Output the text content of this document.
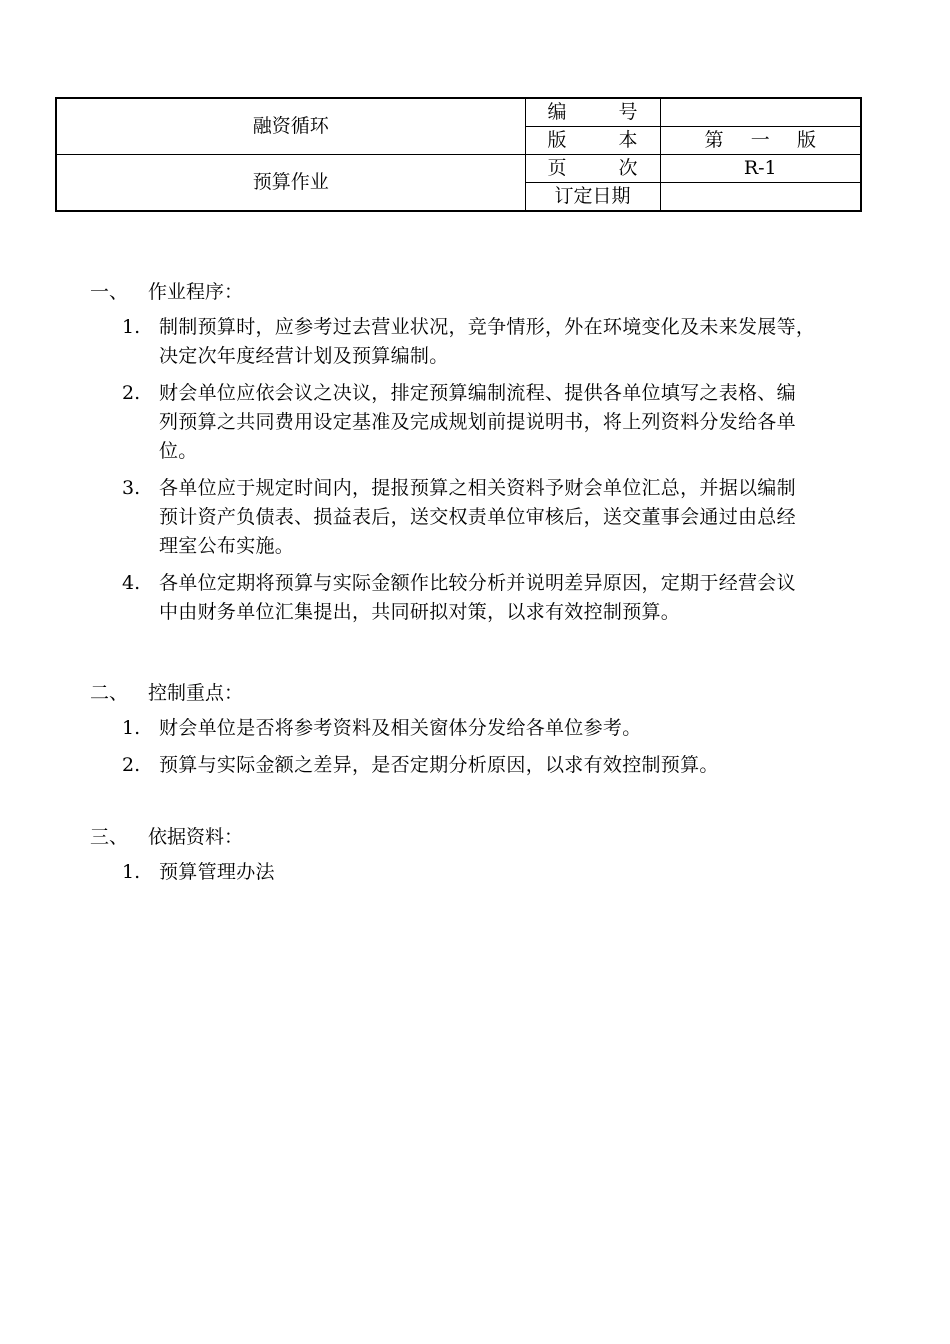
融资循环	编 号	

	版 本	第 一 版

预算作业	页 次	R-1
	订定日期	
一、	作业程序：
1. 制制预算时，应参考过去营业状况，竞争情形，外在环境变化及未来发展等，
决定次年度经营计划及预算编制。
2. 财会单位应依会议之决议，排定预算编制流程、提供各单位填写之表格、编
列预算之共同费用设定基准及完成规划前提说明书，将上列资料分发给各单
位。
3. 各单位应于规定时间内，提报预算之相关资料予财会单位汇总，并据以编制
预计资产负债表、损益表后，送交权责单位审核后，送交董事会通过由总经
理室公布实施。
4. 各单位定期将预算与实际金额作比较分析并说明差异原因，定期于经营会议
中由财务单位汇集提出，共同研拟对策，以求有效控制预算。
二、	控制重点：
1. 财会单位是否将参考资料及相关窗体分发给各单位参考。
2. 预算与实际金额之差异，是否定期分析原因，以求有效控制预算。
三、	依据资料：
1. 预算管理办法
